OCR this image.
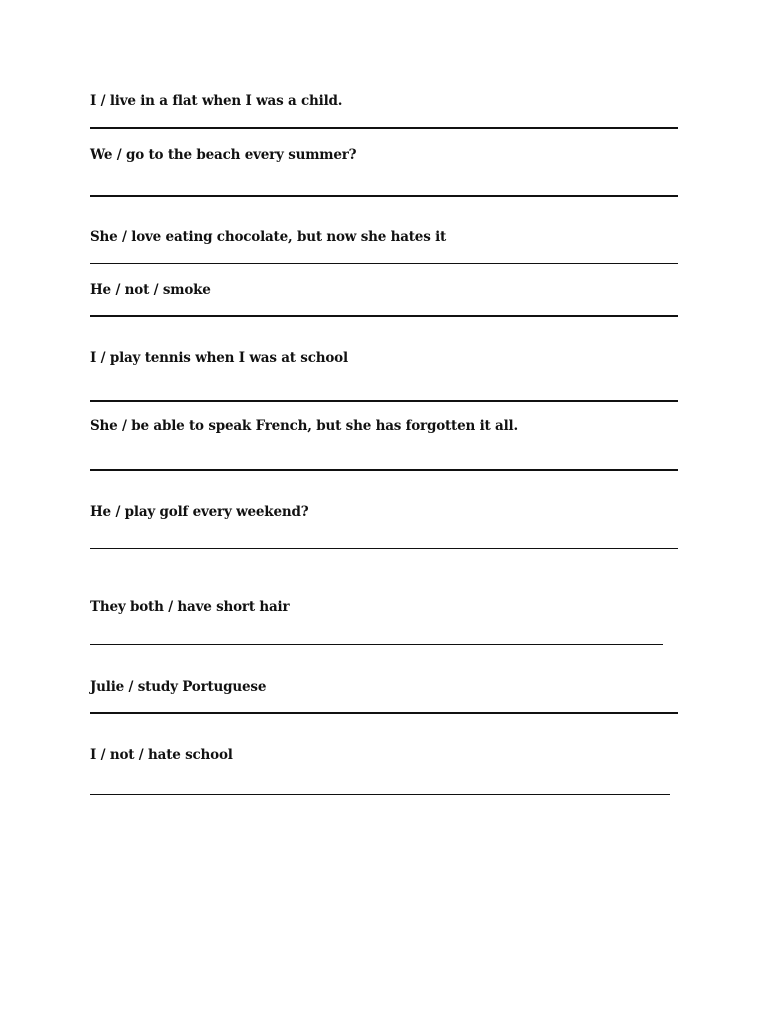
I / live in a flat when I was a child.
We / go to the beach every summer?
She / love eating chocolate, but now she hates it
He / not / smoke
I / play tennis when I was at school
She / be able to speak French, but she has forgotten it all.
He / play golf every weekend?
They both / have short hair
Julie / study Portuguese
I / not / hate school
